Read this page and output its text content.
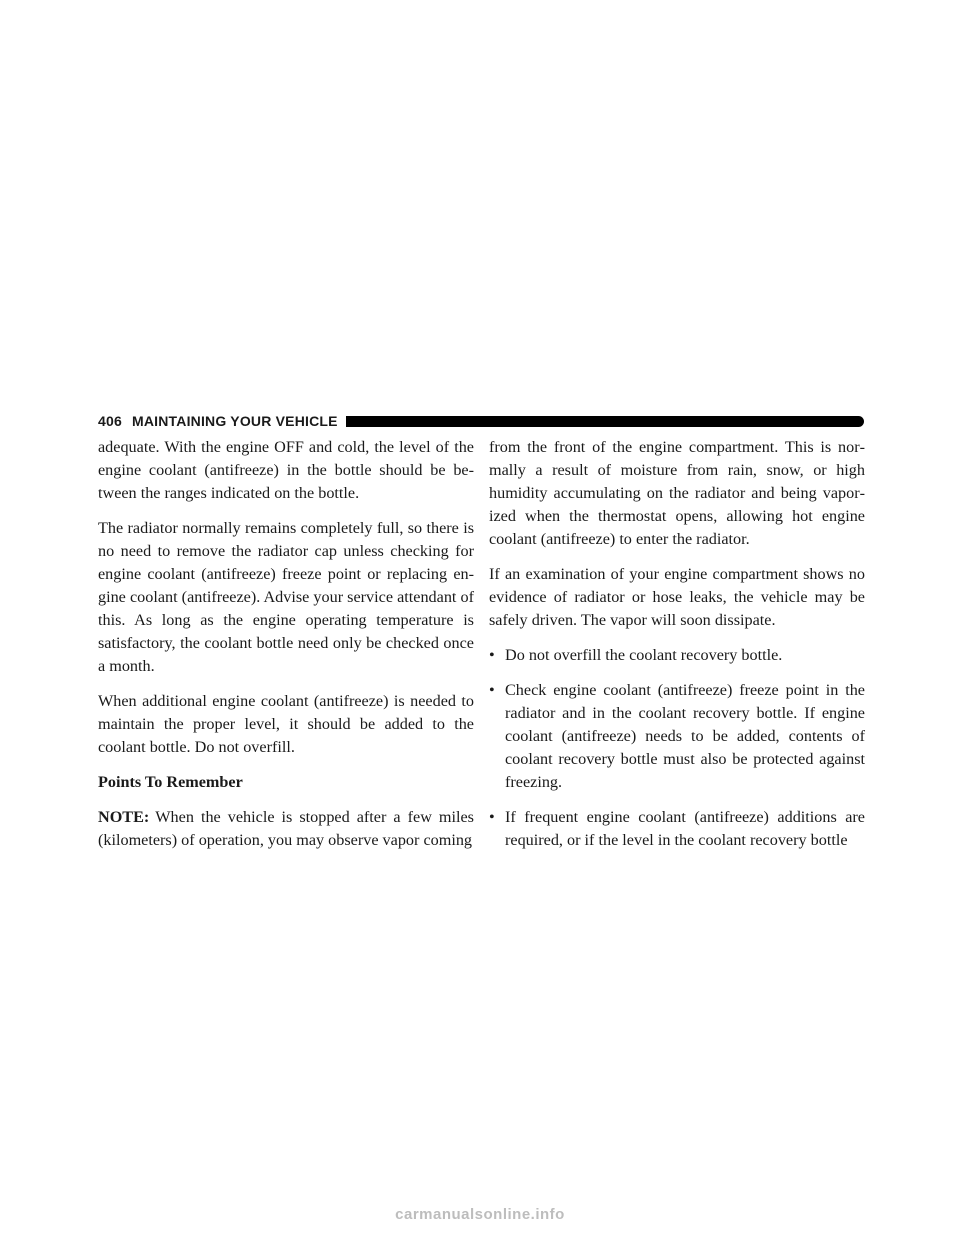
406 MAINTAINING YOUR VEHICLE

adequate. With the engine OFF and cold, the level of the engine coolant (antifreeze) in the bottle should be between the ranges indicated on the bottle.

The radiator normally remains completely full, so there is no need to remove the radiator cap unless checking for engine coolant (antifreeze) freeze point or replacing engine coolant (antifreeze). Advise your service attendant of this. As long as the engine operating temperature is satisfactory, the coolant bottle need only be checked once a month.

When additional engine coolant (antifreeze) is needed to maintain the proper level, it should be added to the coolant bottle. Do not overfill.

Points To Remember

NOTE: When the vehicle is stopped after a few miles (kilometers) of operation, you may observe vapor coming

from the front of the engine compartment. This is normally a result of moisture from rain, snow, or high humidity accumulating on the radiator and being vaporized when the thermostat opens, allowing hot engine coolant (antifreeze) to enter the radiator.

If an examination of your engine compartment shows no evidence of radiator or hose leaks, the vehicle may be safely driven. The vapor will soon dissipate.

• Do not overfill the coolant recovery bottle.
• Check engine coolant (antifreeze) freeze point in the radiator and in the coolant recovery bottle. If engine coolant (antifreeze) needs to be added, contents of coolant recovery bottle must also be protected against freezing.
• If frequent engine coolant (antifreeze) additions are required, or if the level in the coolant recovery bottle
carmanualsonline.info
